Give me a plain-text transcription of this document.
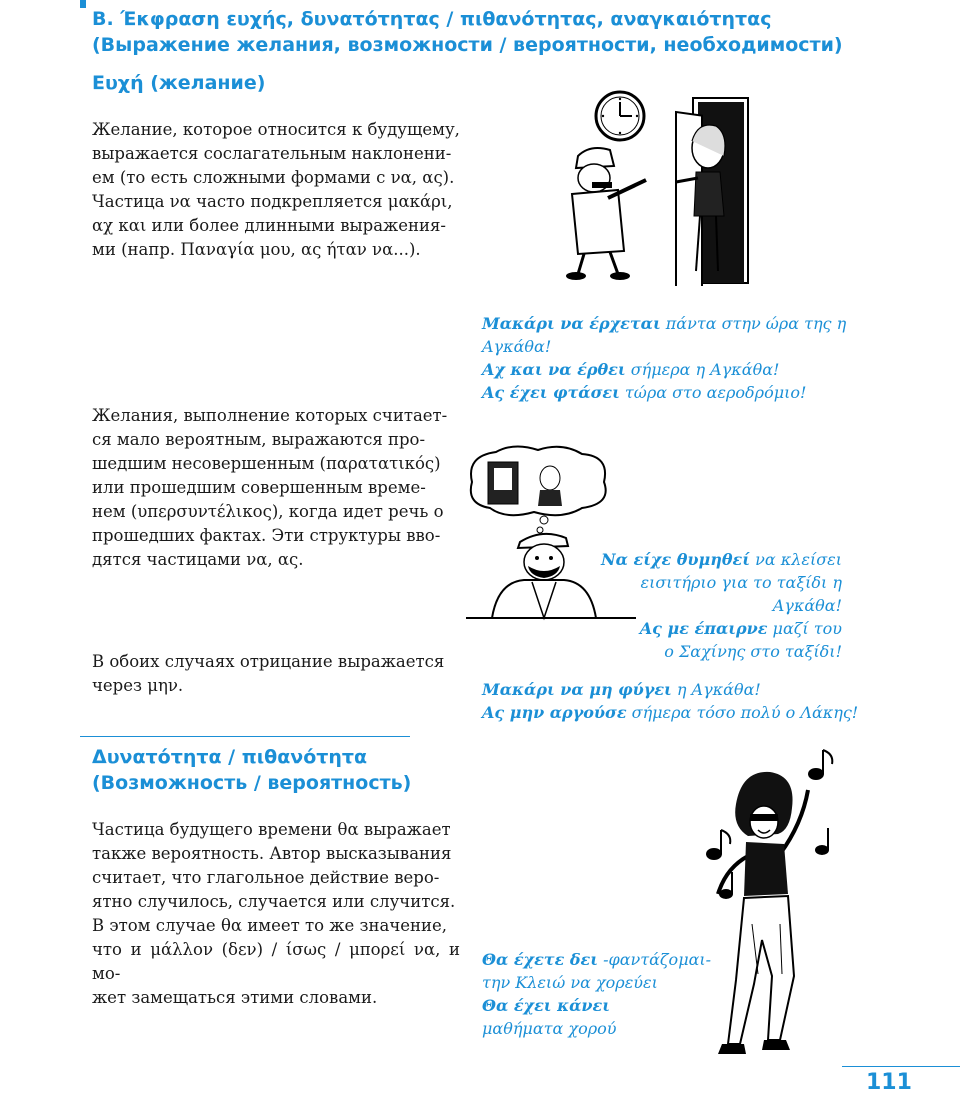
Β. Έκφραση ευχής, δυνατότητας / πιθανότητας, αναγκαιότητας

(Выражение желания, возможности / вероятности, необходимости)

Ευχή (желание)

Желание, которое относится к будущему,

выражается сослагательным наклонени-

ем (то есть сложными формами с να, ας).

Частица να часто подкрепляется μακάρι,

αχ και или более длинными выражения-

ми (напр. Παναγία μου, ας ήταν να...).

Μακάρι να έρχεται πάντα στην ώρα της η

Αγκάθα!

Αχ και να έρθει σήμερα η Αγκάθα!

Ας έχει φτάσει τώρα στο αεροδρόμιο!

Желания, выполнение которых считает-

ся мало вероятным, выражаются про-

шедшим несовершенным (παρατατικός)

или прошедшим совершенным време-

нем (υπερσυντέλικος), когда идет речь о

прошедших фактах. Эти структуры вво-

дятся частицами να, ας.	Να είχε θυμηθεί να κλείσει

εισιτήριο για το ταξίδι η

Αγκάθα!

Ας με έπαιρνε μαζί του

ο Σαχίνης στο ταξίδι!

В обоих случаях отрицание выражается

через μην.	Μακάρι να μη φύγει η Αγκάθα!

Ας μην αργούσε σήμερα τόσο πολύ ο Λάκης!

Δυνατότητα / πιθανότητα

(Возможность / вероятность)

Частица будущего времени θα выражает

также вероятность. Автор высказывания

считает, что глагольное действие веро-

ятно случилось, случается или случится.

В этом случае θα имеет то же значение,

что и μάλλον (δεν) / ίσως / μπορεί να, и мо-

жет замещаться этими словами.

Θα έχετε δει -φαντάζομαι-

την Κλειώ να χορεύει

Θα έχει κάνει

μαθήματα χορού

111
